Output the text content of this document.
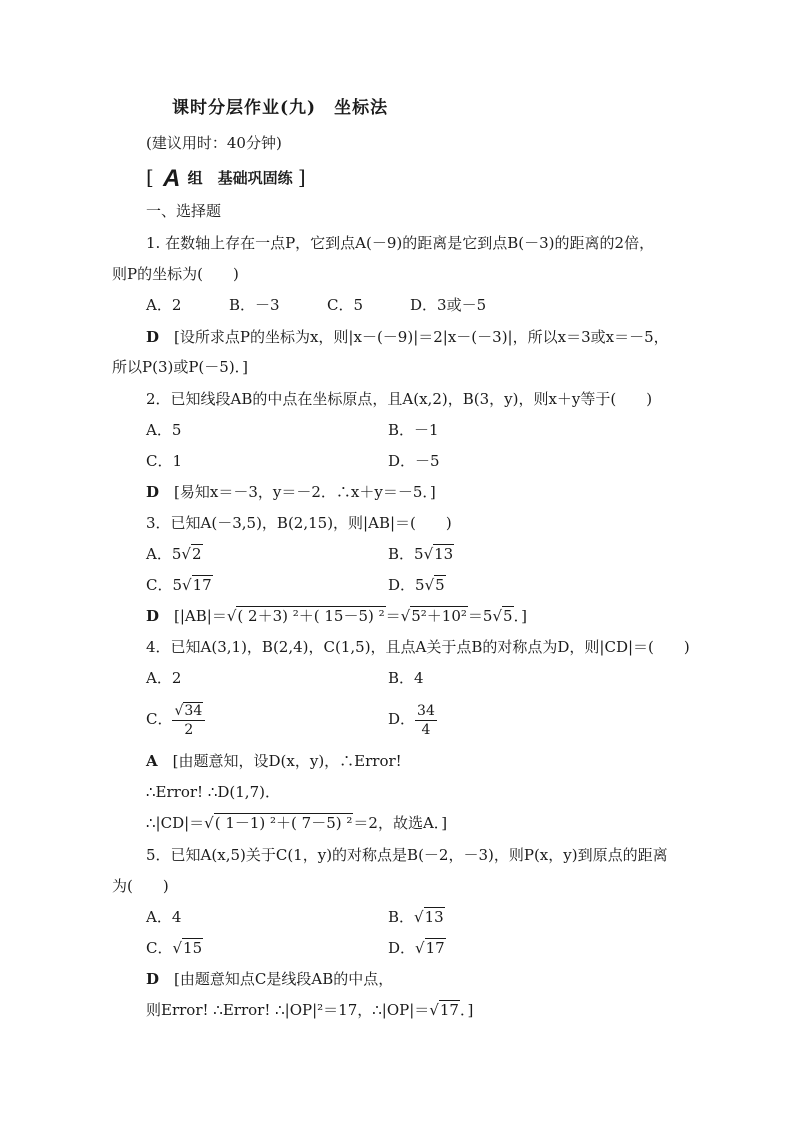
课时分层作业(九)　坐标法
(建议用时：40分钟)
[ A 组　基础巩固练 ]
一、选择题
1. 在数轴上存在一点P，它到点A(－9)的距离是它到点B(－3)的距离的2倍，
则P的坐标为(　　)
A．2	B．－3	C．5	D．3或－5
D　 [设所求点P的坐标为x，则|x－(－9)|＝2|x－(－3)|，所以x＝3或x＝－5，
所以P(3)或P(－5)．]
2．已知线段AB的中点在坐标原点，且A(x,2)，B(3，y)，则x＋y等于(　　)
A．5	B．－1
C．1	D．－5
D　 [易知x＝－3，y＝－2．∴x＋y＝－5．]
3．已知A(－3,5)，B(2,15)，则|AB|＝(　　)
A．5√2	B．5√13
C．5√17	D．5√5
D　 [|AB|＝√( 2＋3) ²＋( 15－5) ²＝√5²＋10²＝5√5．]
4．已知A(3,1)，B(2,4)，C(1,5)，且点A关于点B的对称点为D，则|CD|＝(　　)
A．2	B．4
C． $\frac{√34}{2}$	D． $\frac{34}{4}$
A　 [由题意知，设D(x，y)，∴Error!
∴Error! ∴D(1,7)．
∴|CD|＝√( 1－1) ²＋( 7－5) ²＝2，故选A．]
5．已知A(x,5)关于C(1，y)的对称点是B(－2，－3)，则P(x，y)到原点的距离
为(　　)
A．4	B．√13
C．√15	D．√17
D　 [由题意知点C是线段AB的中点，
则Error! ∴Error! ∴|OP|²＝17，∴|OP|＝√17．]
